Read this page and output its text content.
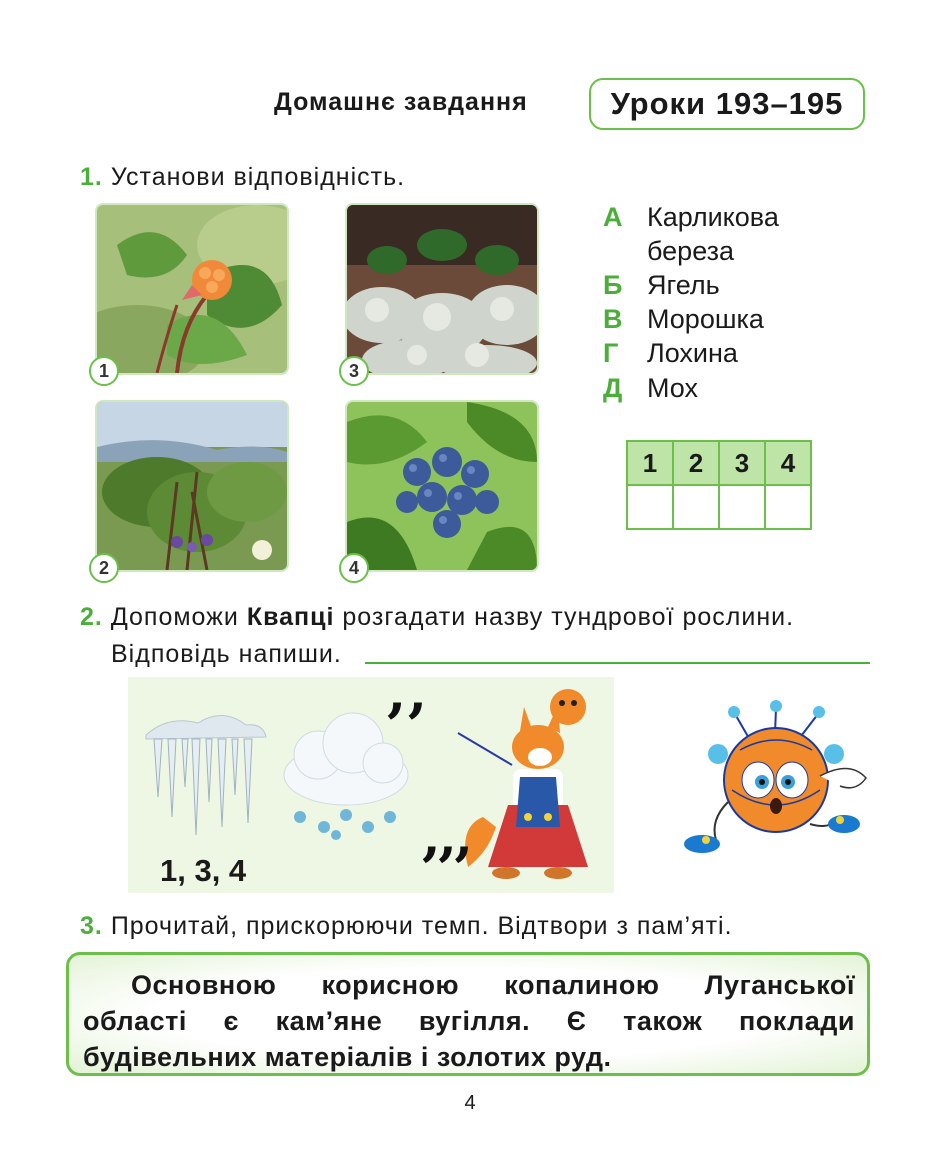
Домашнє завдання	Уроки 193–195
1. Установи відповідність.
1
2
3
4
А Карликова
береза
Б Ягель
В Морошка
Г Лохина
Д Мох
1	2	3	4

2. Допоможи Квапці розгадати назву тундрової рослини.
Відповідь напиши.
1, 3, 4
‚‚
’’’
3. Прочитай, прискорюючи темп. Відтвори з пам’яті.
Основною корисною копалиною Луганської
області є кам’яне вугілля. Є також поклади
будівельних матеріалів і золотих руд.
4
